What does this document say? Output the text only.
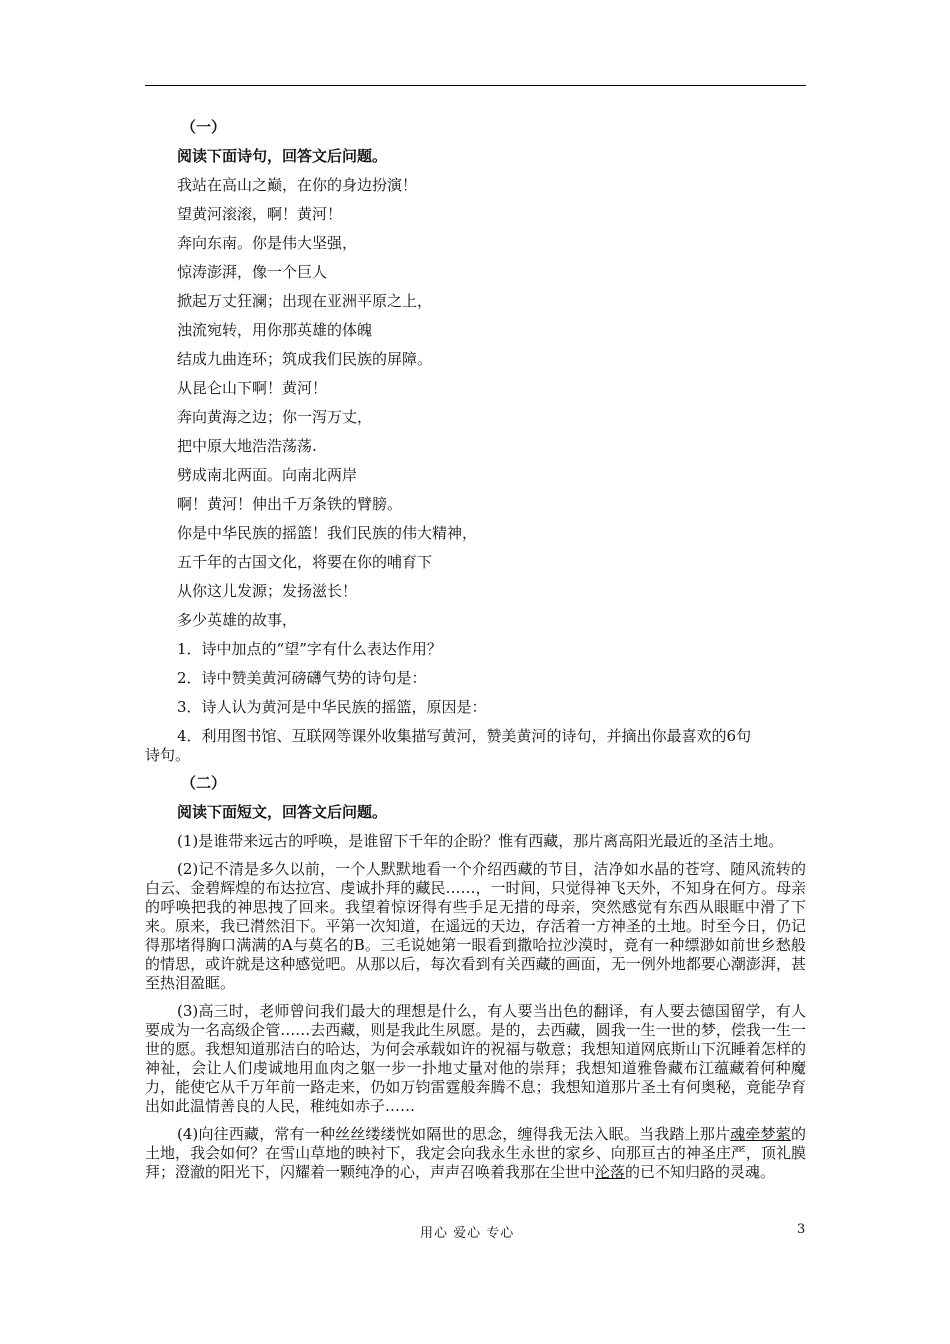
（一）

阅读下面诗句，回答文后问题。

我站在高山之巅，在你的身边扮演！

望黄河滚滚，啊！黄河！

奔向东南。你是伟大坚强，

惊涛澎湃，像一个巨人

掀起万丈狂澜；出现在亚洲平原之上，

浊流宛转，用你那英雄的体魄

结成九曲连环；筑成我们民族的屏障。

从昆仑山下啊！黄河！

奔向黄海之边；你一泻万丈，

把中原大地浩浩荡荡.

劈成南北两面。向南北两岸

啊！黄河！伸出千万条铁的臂膀。

你是中华民族的摇篮！我们民族的伟大精神，

五千年的古国文化，将要在你的哺育下

从你这儿发源；发扬滋长！

多少英雄的故事，

1．诗中加点的“望”字有什么表达作用？

2．诗中赞美黄河磅礴气势的诗句是：

3．诗人认为黄河是中华民族的摇篮，原因是：

4．利用图书馆、互联网等课外收集描写黄河，赞美黄河的诗句，并摘出你最喜欢的6句

诗句。

（二）

阅读下面短文，回答文后问题。

(1)是谁带来远古的呼唤，是谁留下千年的企盼？惟有西藏，那片离高阳光最近的圣洁土地。

(2)记不清是多久以前，一个人默默地看一个介绍西藏的节目，洁净如水晶的苍穹、随风流转的白云、金碧辉煌的布达拉宫、虔诚扑拜的藏民……，一时间，只觉得神飞天外，不知身在何方。母亲的呼唤把我的神思拽了回来。我望着惊讶得有些手足无措的母亲，突然感觉有东西从眼眶中滑了下来。原来，我已潸然泪下。平第一次知道，在遥远的天边，存活着一方神圣的土地。时至今日，仍记得那堵得胸口满满的A与莫名的B。三毛说她第一眼看到撒哈拉沙漠时，竟有一种缥渺如前世乡愁般的情思，或许就是这种感觉吧。从那以后，每次看到有关西藏的画面，无一例外地都要心潮澎湃，甚至热泪盈眶。

(3)高三时，老师曾问我们最大的理想是什么，有人要当出色的翻译，有人要去德国留学，有人要成为一名高级企管……去西藏，则是我此生夙愿。是的，去西藏，圆我一生一世的梦，偿我一生一世的愿。我想知道那洁白的哈达，为何会承载如许的祝福与敬意；我想知道网底斯山下沉睡着怎样的神祉，会让人们虔诚地用血肉之躯一步一扑地丈量对他的崇拜；我想知道雅鲁藏布江蕴藏着何种魔力，能使它从千万年前一路走来，仍如万钧雷霆般奔腾不息；我想知道那片圣土有何奥秘，竟能孕育出如此温情善良的人民，稚纯如赤子……

(4)向往西藏，常有一种丝丝缕缕恍如隔世的思念，缠得我无法入眠。当我踏上那片魂牵梦萦的土地，我会如何？在雪山草地的映衬下，我定会向我永生永世的家乡、向那亘古的神圣庄严，顶礼膜拜；澄澈的阳光下，闪耀着一颗纯净的心，声声召唤着我那在尘世中沦落的已不知归路的灵魂。

用心 爱心 专心	3
